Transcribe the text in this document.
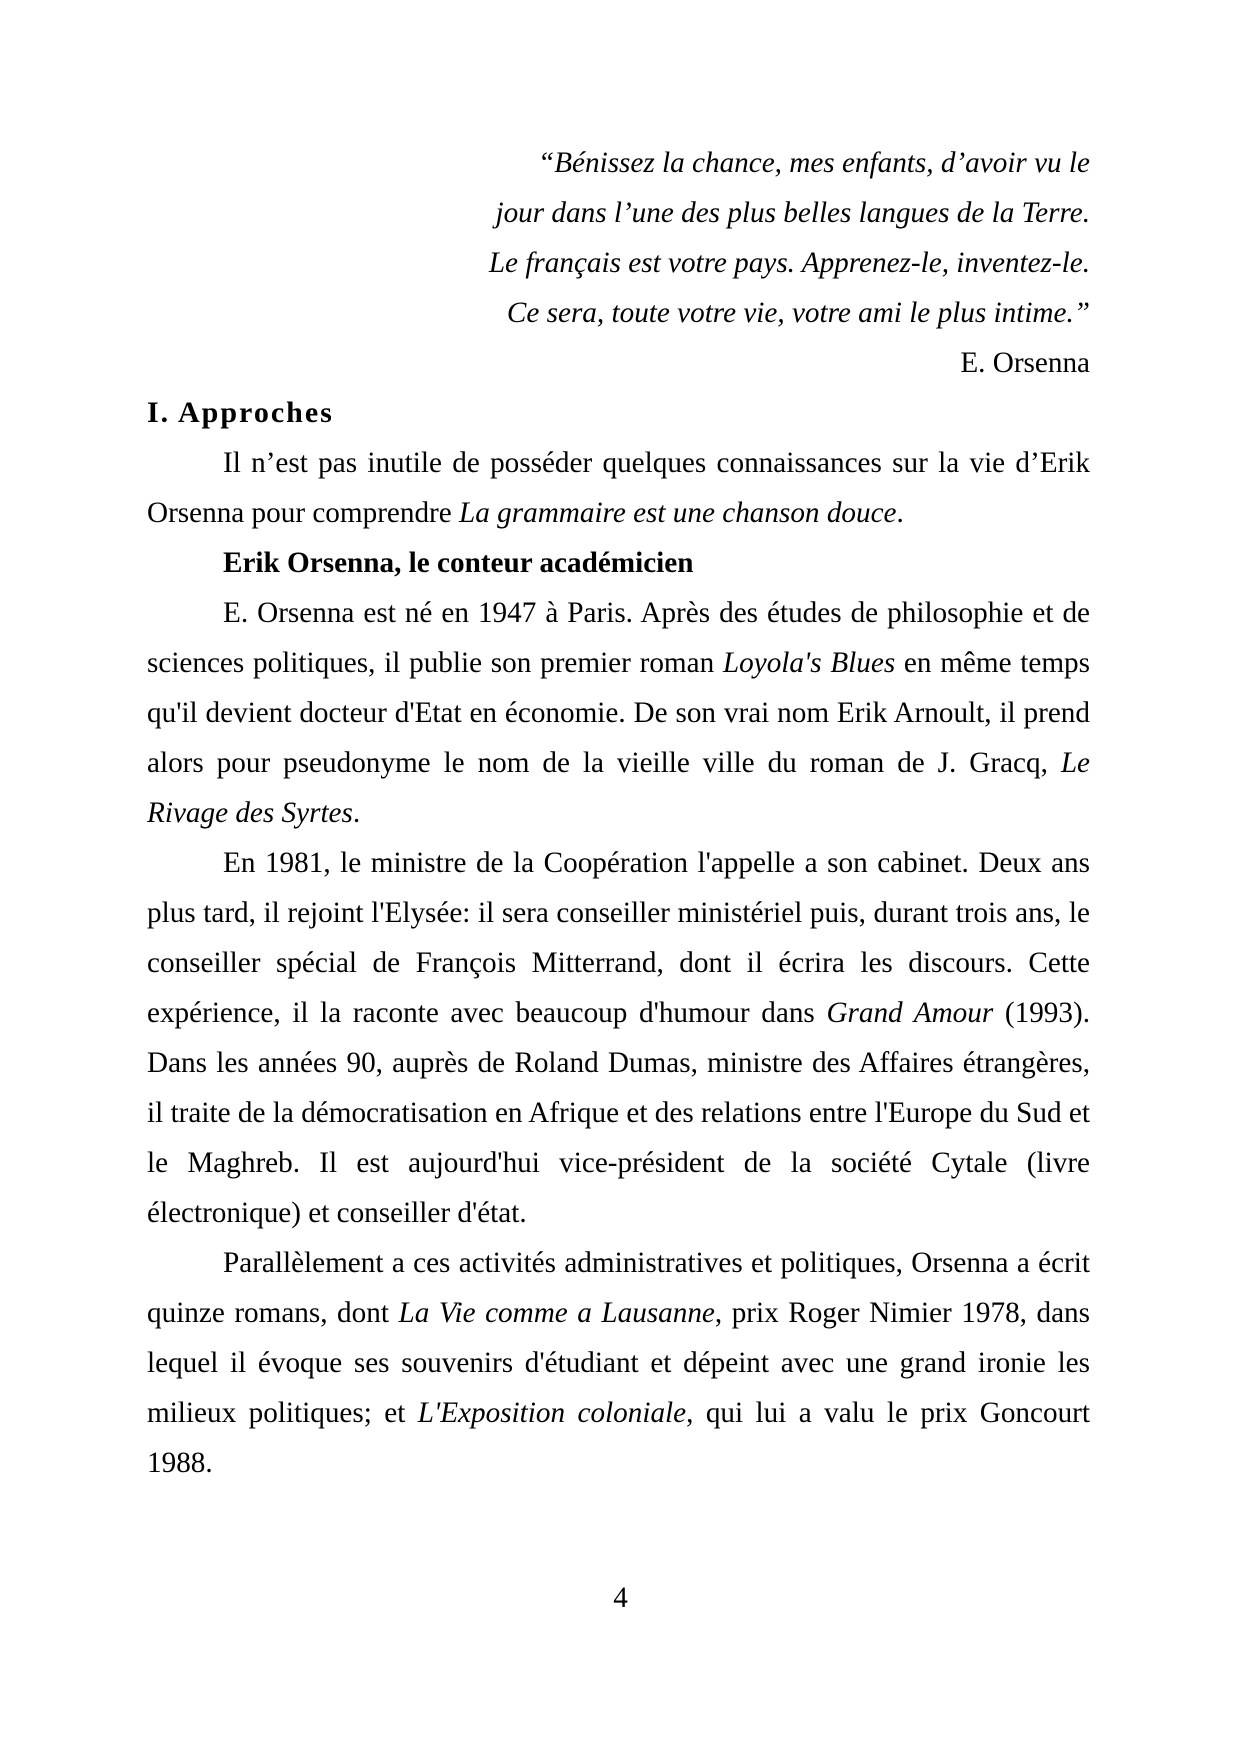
“Bénissez la chance, mes enfants, d’avoir vu le
jour dans l’une des plus belles langues de la Terre.
Le français est votre pays. Apprenez-le, inventez-le.
Ce sera, toute votre vie, votre ami le plus intime.”
E. Orsenna
I. Approches
Il n’est pas inutile de posséder quelques connaissances sur la vie d’Erik Orsenna pour comprendre La grammaire est une chanson douce.
Erik Orsenna, le conteur académicien
E. Orsenna est né en 1947 à Paris. Après des études de philosophie et de sciences politiques, il publie son premier roman Loyola's Blues en même temps qu'il devient docteur d'Etat en économie. De son vrai nom Erik Arnoult, il prend alors pour pseudonyme le nom de la vieille ville du roman de J. Gracq, Le Rivage des Syrtes.
En 1981, le ministre de la Coopération l'appelle a son cabinet. Deux ans plus tard, il rejoint l'Elysée: il sera conseiller ministériel puis, durant trois ans, le conseiller spécial de François Mitterrand, dont il écrira les discours. Cette expérience, il la raconte avec beaucoup d'humour dans Grand Amour (1993). Dans les années 90, auprès de Roland Dumas, ministre des Affaires étrangères, il traite de la démocratisation en Afrique et des relations entre l'Europe du Sud et le Maghreb. Il est aujourd'hui vice-président de la société Cytale (livre électronique) et conseiller d'état.
Parallèlement a ces activités administratives et politiques, Orsenna a écrit quinze romans, dont La Vie comme a Lausanne, prix Roger Nimier 1978, dans lequel il évoque ses souvenirs d'étudiant et dépeint avec une grand ironie les milieux politiques; et L'Exposition coloniale, qui lui a valu le prix Goncourt 1988.
4
